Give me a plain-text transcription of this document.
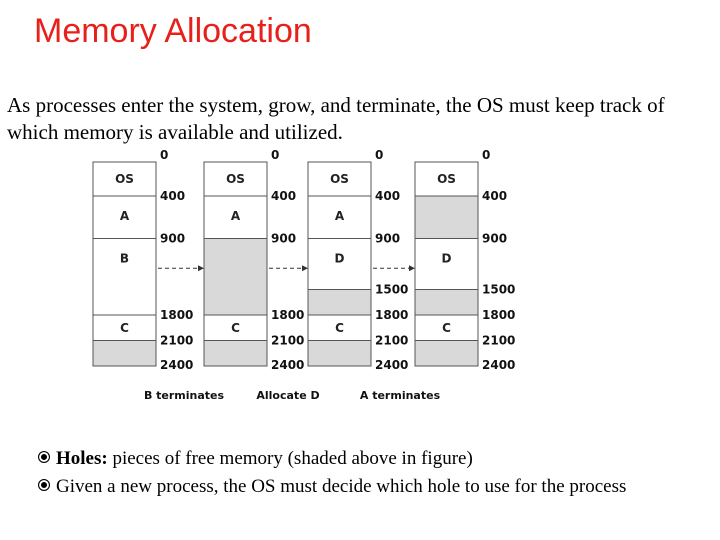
Memory Allocation

As processes enter the system, grow, and terminate, the OS must keep track of which memory is available and utilized.

OS
A
B
C
0
400
900
1800
2100
2400
OS
A
C
0
400
900
1800
2100
2400
OS
A
D
C
0
400
900
1500
1800
2100
2400
OS
D
C
0
400
900
1500
1800
2100
2400
B terminates	Allocate D	A terminates

Holes: pieces of free memory (shaded above in figure)

Given a new process, the OS must decide which hole to use for the process
